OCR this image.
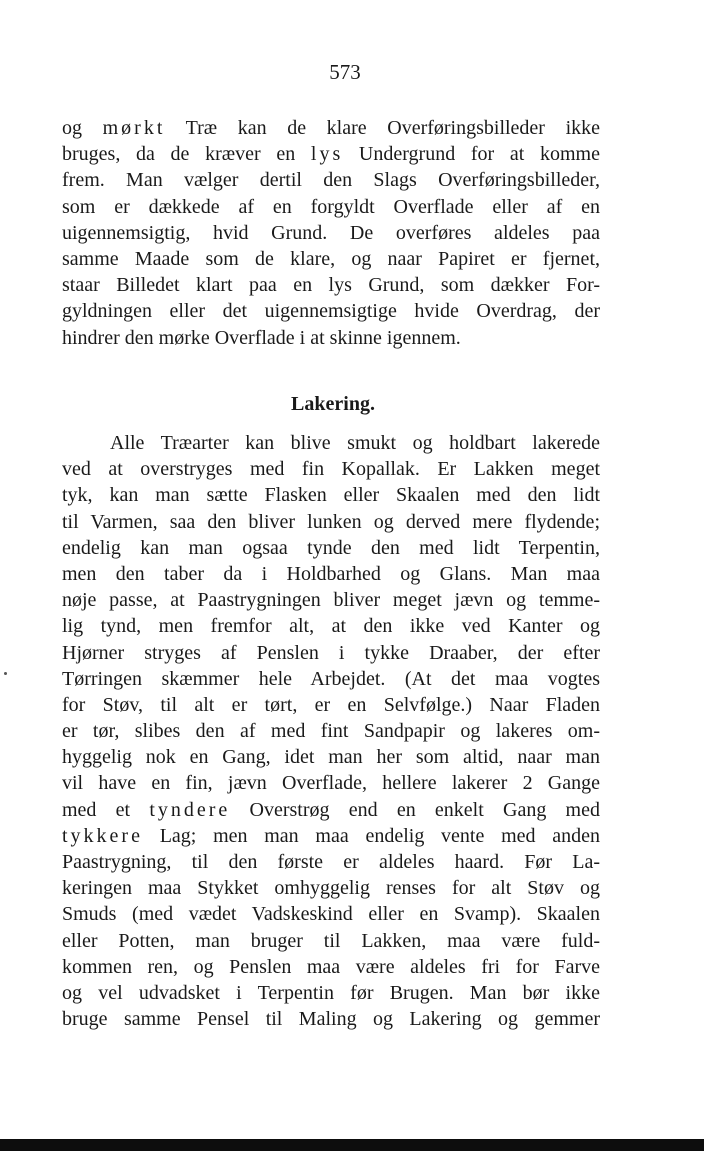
573
og mørkt Træ kan de klare Overføringsbilleder ikke
bruges, da de kræver en lys Undergrund for at komme
frem. Man vælger dertil den Slags Overføringsbilleder,
som er dækkede af en forgyldt Overflade eller af en
uigennemsigtig, hvid Grund. De overføres aldeles paa
samme Maade som de klare, og naar Papiret er fjernet,
staar Billedet klart paa en lys Grund, som dækker For-
gyldningen eller det uigennemsigtige hvide Overdrag, der
hindrer den mørke Overflade i at skinne igennem.
Lakering.
Alle Træarter kan blive smukt og holdbart lakerede
ved at overstryges med fin Kopallak. Er Lakken meget
tyk, kan man sætte Flasken eller Skaalen med den lidt
til Varmen, saa den bliver lunken og derved mere flydende;
endelig kan man ogsaa tynde den med lidt Terpentin,
men den taber da i Holdbarhed og Glans. Man maa
nøje passe, at Paastrygningen bliver meget jævn og temme-
lig tynd, men fremfor alt, at den ikke ved Kanter og
Hjørner stryges af Penslen i tykke Draaber, der efter
Tørringen skæmmer hele Arbejdet. (At det maa vogtes
for Støv, til alt er tørt, er en Selvfølge.) Naar Fladen
er tør, slibes den af med fint Sandpapir og lakeres om-
hyggelig nok en Gang, idet man her som altid, naar man
vil have en fin, jævn Overflade, hellere lakerer 2 Gange
med et tyndere Overstrøg end en enkelt Gang med
tykkere Lag; men man maa endelig vente med anden
Paastrygning, til den første er aldeles haard. Før La-
keringen maa Stykket omhyggelig renses for alt Støv og
Smuds (med vædet Vadskeskind eller en Svamp). Skaalen
eller Potten, man bruger til Lakken, maa være fuld-
kommen ren, og Penslen maa være aldeles fri for Farve
og vel udvadsket i Terpentin før Brugen. Man bør ikke
bruge samme Pensel til Maling og Lakering og gemmer
